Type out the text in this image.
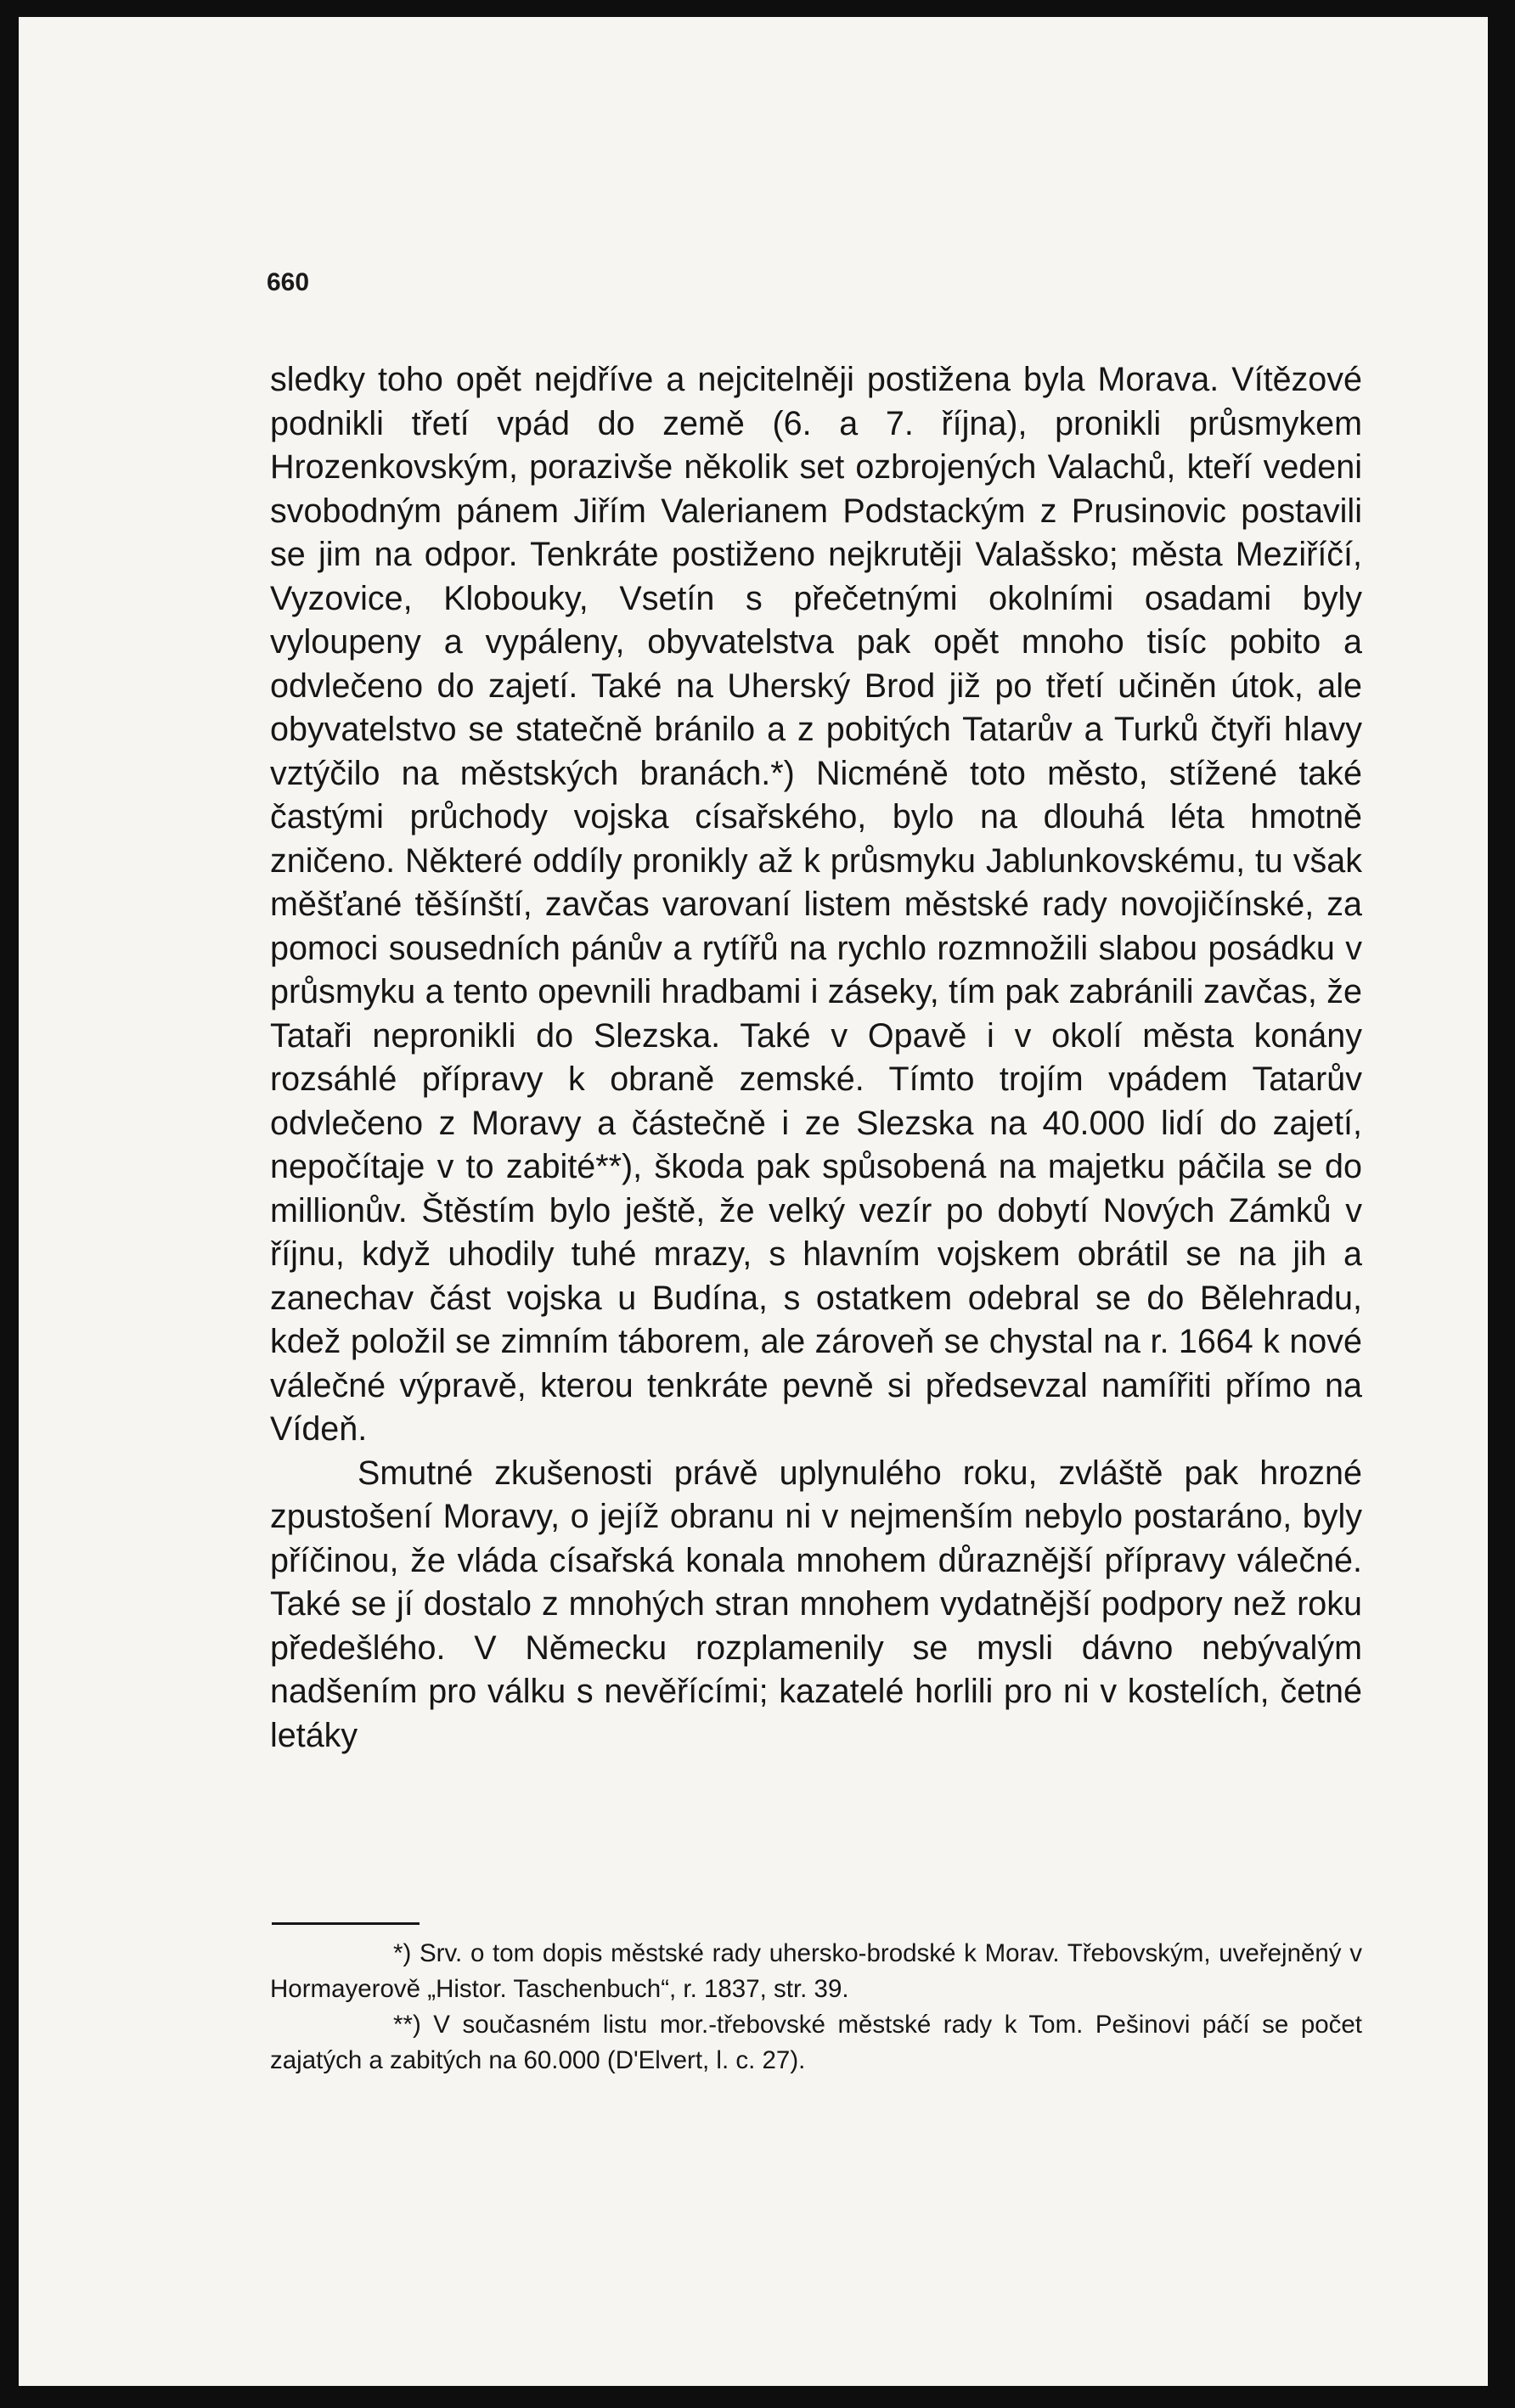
660

sledky toho opět nejdříve a nejcitelněji postižena byla Morava. Vítězové podnikli třetí vpád do země (6. a 7. října), pronikli průsmykem Hrozenkovským, porazivše několik set ozbrojených Valachů, kteří vedeni svobodným pánem Jiřím Valerianem Podstackým z Prusinovic postavili se jim na odpor. Tenkráte postiženo nejkrutěji Valašsko; města Meziříčí, Vyzovice, Klobouky, Vsetín s přečetnými okolními osadami byly vyloupeny a vypáleny, obyvatelstva pak opět mnoho tisíc pobito a odvlečeno do zajetí. Také na Uherský Brod již po třetí učiněn útok, ale obyvatelstvo se statečně bránilo a z pobitých Tatarův a Turků čtyři hlavy vztýčilo na městských branách.*) Nicméně toto město, stížené také častými průchody vojska císařského, bylo na dlouhá léta hmotně zničeno. Některé oddíly pronikly až k průsmyku Jablunkovskému, tu však měšťané těšínští, zavčas varovaní listem městské rady novojičínské, za pomoci sousedních pánův a rytířů na rychlo rozmnožili slabou posádku v průsmyku a tento opevnili hradbami i záseky, tím pak zabránili zavčas, že Tataři nepronikli do Slezska. Také v Opavě i v okolí města konány rozsáhlé přípravy k obraně zemské. Tímto trojím vpádem Tatarův odvlečeno z Moravy a částečně i ze Slezska na 40.000 lidí do zajetí, nepočítaje v to zabité**), škoda pak spůsobená na majetku páčila se do millionův. Štěstím bylo ještě, že velký vezír po dobytí Nových Zámků v říjnu, když uhodily tuhé mrazy, s hlavním vojskem obrátil se na jih a zanechav část vojska u Budína, s ostatkem odebral se do Bělehradu, kdež položil se zimním táborem, ale zároveň se chystal na r. 1664 k nové válečné výpravě, kterou tenkráte pevně si předsevzal namířiti přímo na Vídeň.

Smutné zkušenosti právě uplynulého roku, zvláště pak hrozné zpustošení Moravy, o jejíž obranu ni v nejmenším nebylo postaráno, byly příčinou, že vláda císařská konala mnohem důraznější přípravy válečné. Také se jí dostalo z mnohých stran mnohem vydatnější podpory než roku předešlého. V Německu rozplamenily se mysli dávno nebývalým nadšením pro válku s nevěřícími; kazatelé horlili pro ni v kostelích, četné letáky

*) Srv. o tom dopis městské rady uhersko-brodské k Morav. Třebovským, uveřejněný v Hormayerově „Histor. Taschenbuch“, r. 1837, str. 39.

**) V současném listu mor.-třebovské městské rady k Tom. Pešinovi páčí se počet zajatých a zabitých na 60.000 (D'Elvert, l. c. 27).
